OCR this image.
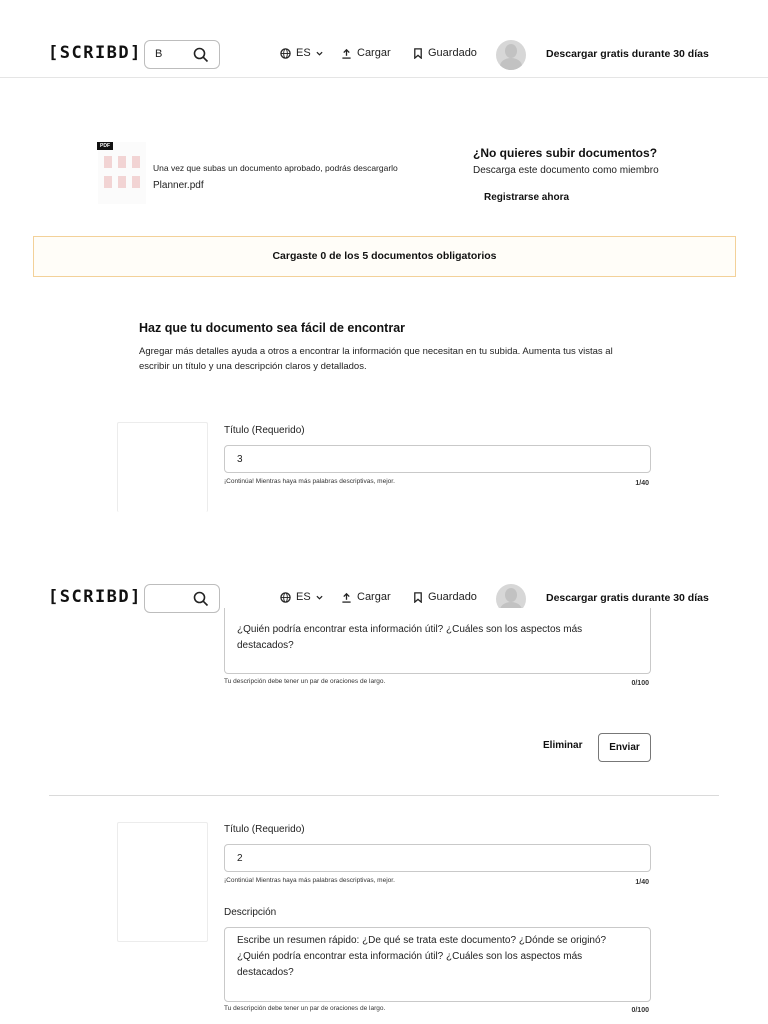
[SCRIBD] B	ES	Cargar	Guardado	Descargar gratis durante 30 días
PDF
Una vez que subas un documento aprobado, podrás descargarlo
Planner.pdf
¿No quieres subir documentos?
Descarga este documento como miembro
Registrarse ahora
Cargaste 0 de los 5 documentos obligatorios
Haz que tu documento sea fácil de encontrar
Agregar más detalles ayuda a otros a encontrar la información que necesitan en tu subida. Aumenta tus vistas al escribir un título y una descripción claros y detallados.
Título (Requerido)
3
¡Continúa! Mientras haya más palabras descriptivas, mejor.	1/40
[SCRIBD]	ES	Cargar	Guardado	Descargar gratis durante 30 días

¿Quién podría encontrar esta información útil? ¿Cuáles son los aspectos más destacados?

Tu descripción debe tener un par de oraciones de largo.	0/100
Eliminar	Enviar
Título (Requerido)
2
¡Continúa! Mientras haya más palabras descriptivas, mejor.	1/40
Descripción

Escribe un resumen rápido: ¿De qué se trata este documento? ¿Dónde se originó? ¿Quién podría encontrar esta información útil? ¿Cuáles son los aspectos más destacados?

Tu descripción debe tener un par de oraciones de largo.	0/100
